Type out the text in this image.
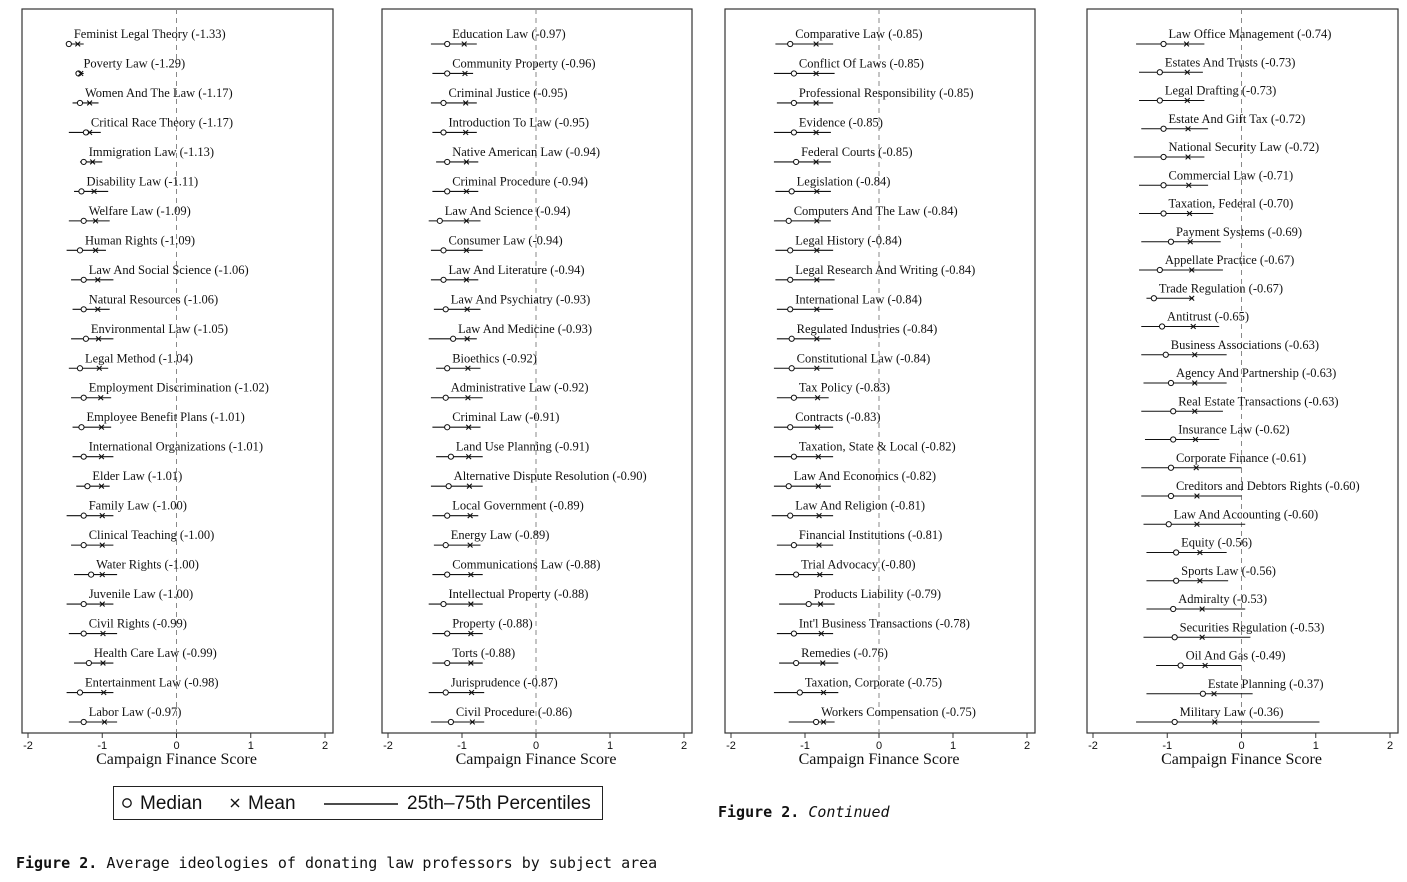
-2	-1	0	1	2
Campaign Finance Score
Feminist Legal Theory (-1.33)
Poverty Law (-1.29)
Women And The Law (-1.17)
Critical Race Theory (-1.17)
Immigration Law (-1.13)
Disability Law (-1.11)
Welfare Law (-1.09)
Human Rights (-1.09)
Law And Social Science (-1.06)
Natural Resources (-1.06)
Environmental Law (-1.05)
Legal Method (-1.04)
Employment Discrimination (-1.02)
Employee Benefit Plans (-1.01)
International Organizations (-1.01)
Elder Law (-1.01)
Family Law (-1.00)
Clinical Teaching (-1.00)
Water Rights (-1.00)
Juvenile Law (-1.00)
Civil Rights (-0.99)
Health Care Law (-0.99)
Entertainment Law (-0.98)
Labor Law (-0.97)
-2	-1	0	1	2
Campaign Finance Score
Education Law (-0.97)
Community Property (-0.96)
Criminal Justice (-0.95)
Introduction To Law (-0.95)
Native American Law (-0.94)
Criminal Procedure (-0.94)
Law And Science (-0.94)
Consumer Law (-0.94)
Law And Literature (-0.94)
Law And Psychiatry (-0.93)
Law And Medicine (-0.93)
Bioethics (-0.92)
Administrative Law (-0.92)
Criminal Law (-0.91)
Land Use Planning (-0.91)
Alternative Dispute Resolution (-0.90)
Local Government (-0.89)
Energy Law (-0.89)
Communications Law (-0.88)
Intellectual Property (-0.88)
Property (-0.88)
Torts (-0.88)
Jurisprudence (-0.87)
Civil Procedure (-0.86)
-2	-1	0	1	2
Campaign Finance Score
Comparative Law (-0.85)
Conflict Of Laws (-0.85)
Professional Responsibility (-0.85)
Evidence (-0.85)
Federal Courts (-0.85)
Legislation (-0.84)
Computers And The Law (-0.84)
Legal History (-0.84)
Legal Research And Writing (-0.84)
International Law (-0.84)
Regulated Industries (-0.84)
Constitutional Law (-0.84)
Tax Policy (-0.83)
Contracts (-0.83)
Taxation, State & Local (-0.82)
Law And Economics (-0.82)
Law And Religion (-0.81)
Financial Institutions (-0.81)
Trial Advocacy (-0.80)
Products Liability (-0.79)
Int'l Business Transactions (-0.78)
Remedies (-0.76)
Taxation, Corporate (-0.75)
Workers Compensation (-0.75)
-2	-1	0	1	2
Campaign Finance Score
Law Office Management (-0.74)
Estates And Trusts (-0.73)
Legal Drafting (-0.73)
Estate And Gift Tax (-0.72)
National Security Law (-0.72)
Commercial Law (-0.71)
Taxation, Federal (-0.70)
Payment Systems (-0.69)
Appellate Practice (-0.67)
Trade Regulation (-0.67)
Antitrust (-0.65)
Business Associations (-0.63)
Agency And Partnership (-0.63)
Real Estate Transactions (-0.63)
Insurance Law (-0.62)
Corporate Finance (-0.61)
Creditors and Debtors Rights (-0.60)
Law And Accounting (-0.60)
Equity (-0.56)
Sports Law (-0.56)
Admiralty (-0.53)
Securities Regulation (-0.53)
Oil And Gas (-0.49)
Estate Planning (-0.37)
Military Law (-0.36)
Median Mean	25th–75th Percentiles	Figure 2. Continued
Figure 2. Average ideologies of donating law professors by subject area
